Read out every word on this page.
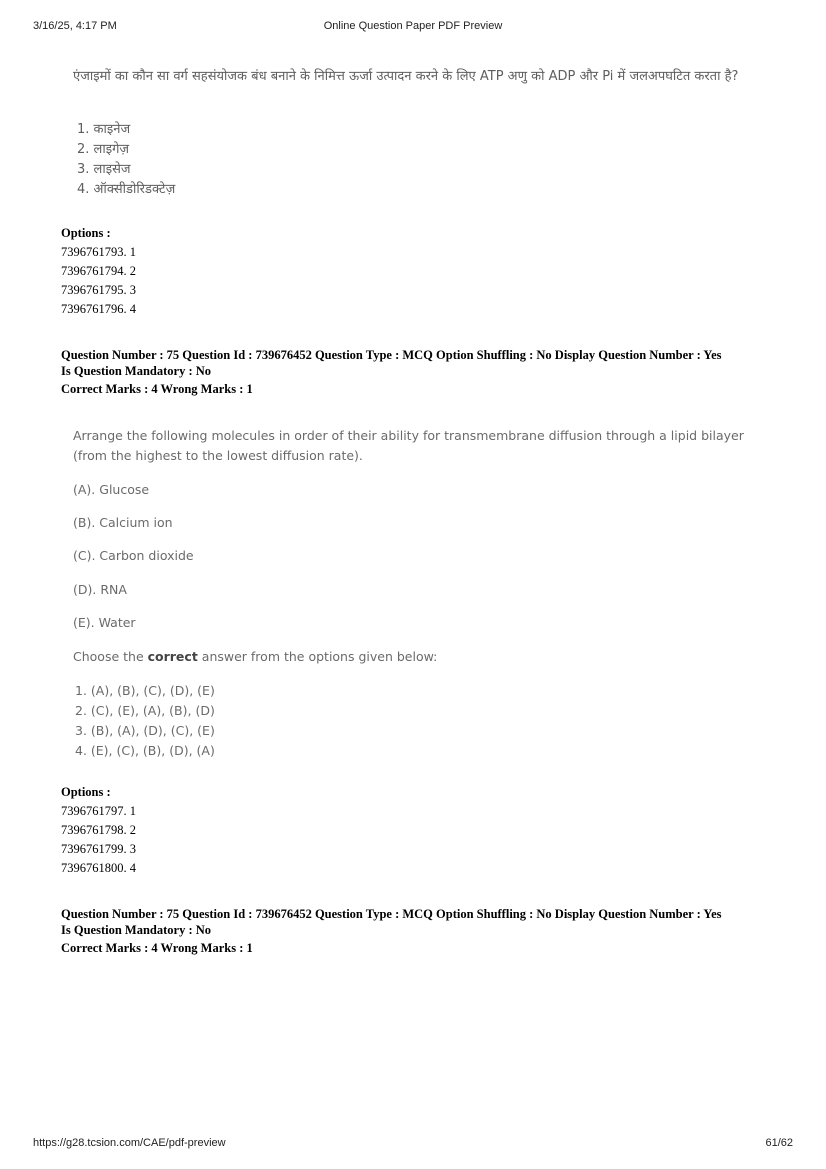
3/16/25, 4:17 PM	Online Question Paper PDF Preview
एंजाइमों का कौन सा वर्ग सहसंयोजक बंध बनाने के निमित्त ऊर्जा उत्पादन करने के लिए ATP अणु को ADP और Pi में जलअपघटित करता है?
1. काइनेज
2. लाइगेज़
3. लाइसेज
4. ऑक्सीडोरिडक्टेज़
Options :
7396761793. 1
7396761794. 2
7396761795. 3
7396761796. 4
Question Number : 75 Question Id : 739676452 Question Type : MCQ Option Shuffling : No Display Question Number : Yes
Is Question Mandatory : No
Correct Marks : 4 Wrong Marks : 1
Arrange the following molecules in order of their ability for transmembrane diffusion through a lipid bilayer (from the highest to the lowest diffusion rate).
(A). Glucose
(B). Calcium ion
(C). Carbon dioxide
(D). RNA
(E). Water
Choose the correct answer from the options given below:
1. (A), (B), (C), (D), (E)
2. (C), (E), (A), (B), (D)
3. (B), (A), (D), (C), (E)
4. (E), (C), (B), (D), (A)
Options :
7396761797. 1
7396761798. 2
7396761799. 3
7396761800. 4
Question Number : 75 Question Id : 739676452 Question Type : MCQ Option Shuffling : No Display Question Number : Yes
Is Question Mandatory : No
Correct Marks : 4 Wrong Marks : 1
https://g28.tcsion.com/CAE/pdf-preview	61/62
